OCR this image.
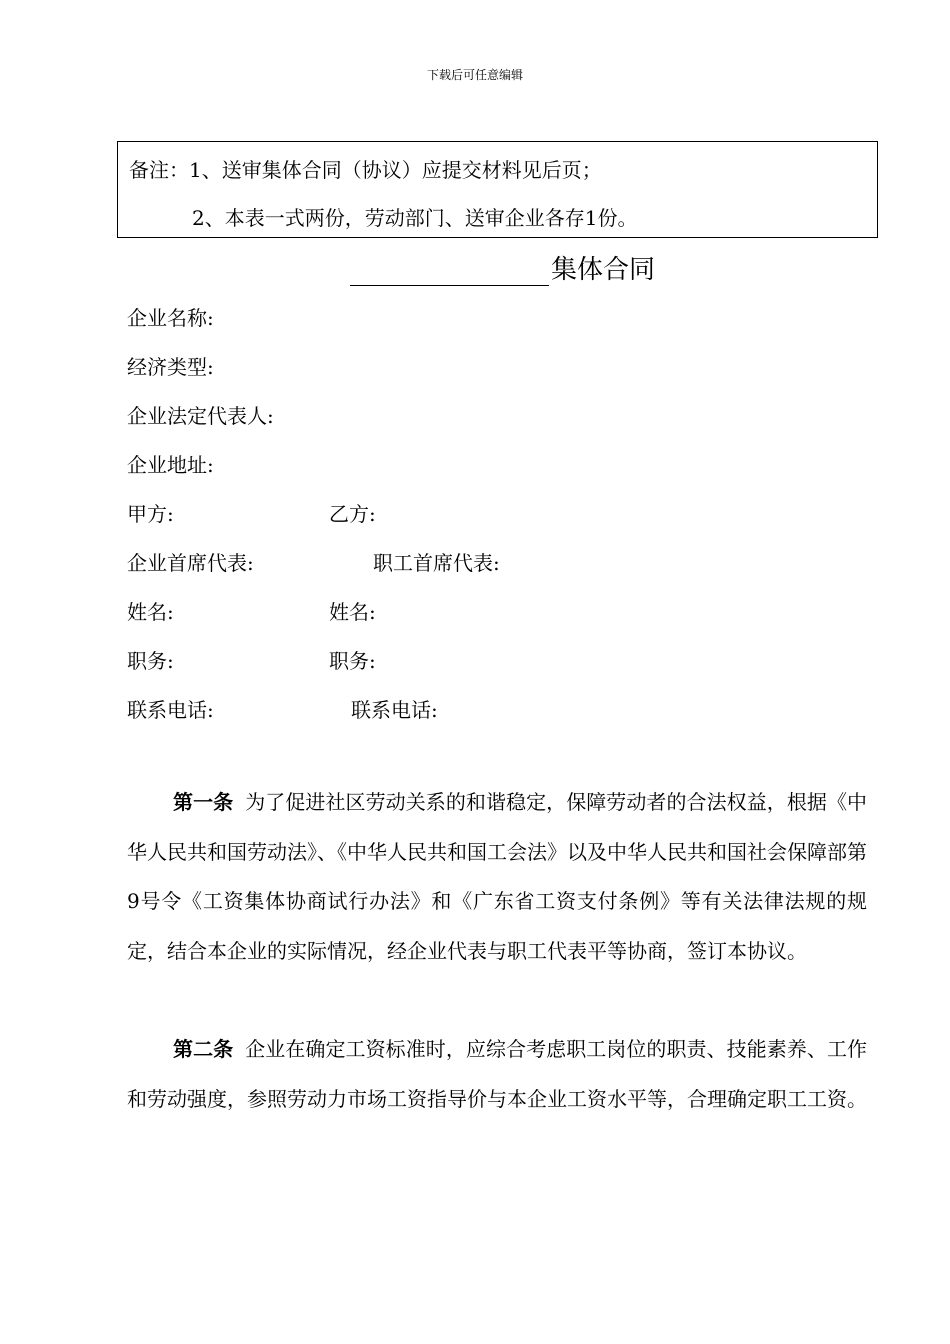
下载后可任意编辑
备注：1、送审集体合同（协议）应提交材料见后页；
2、本表一式两份，劳动部门、送审企业各存1份。
集体合同
企业名称:
经济类型:
企业法定代表人:
企业地址:
甲方:	乙方:
企业首席代表:	职工首席代表:
姓名:	姓名:
职务:	职务:
联系电话:	联系电话:
第一条 为了促进社区劳动关系的和谐稳定，保障劳动者的合法权益，根据《中华人民共和国劳动法》、《中华人民共和国工会法》以及中华人民共和国社会保障部第9号令《工资集体协商试行办法》和《广东省工资支付条例》等有关法律法规的规定，结合本企业的实际情况，经企业代表与职工代表平等协商，签订本协议。
第二条 企业在确定工资标准时，应综合考虑职工岗位的职责、技能素养、工作和劳动强度，参照劳动力市场工资指导价与本企业工资水平等，合理确定职工工资。
